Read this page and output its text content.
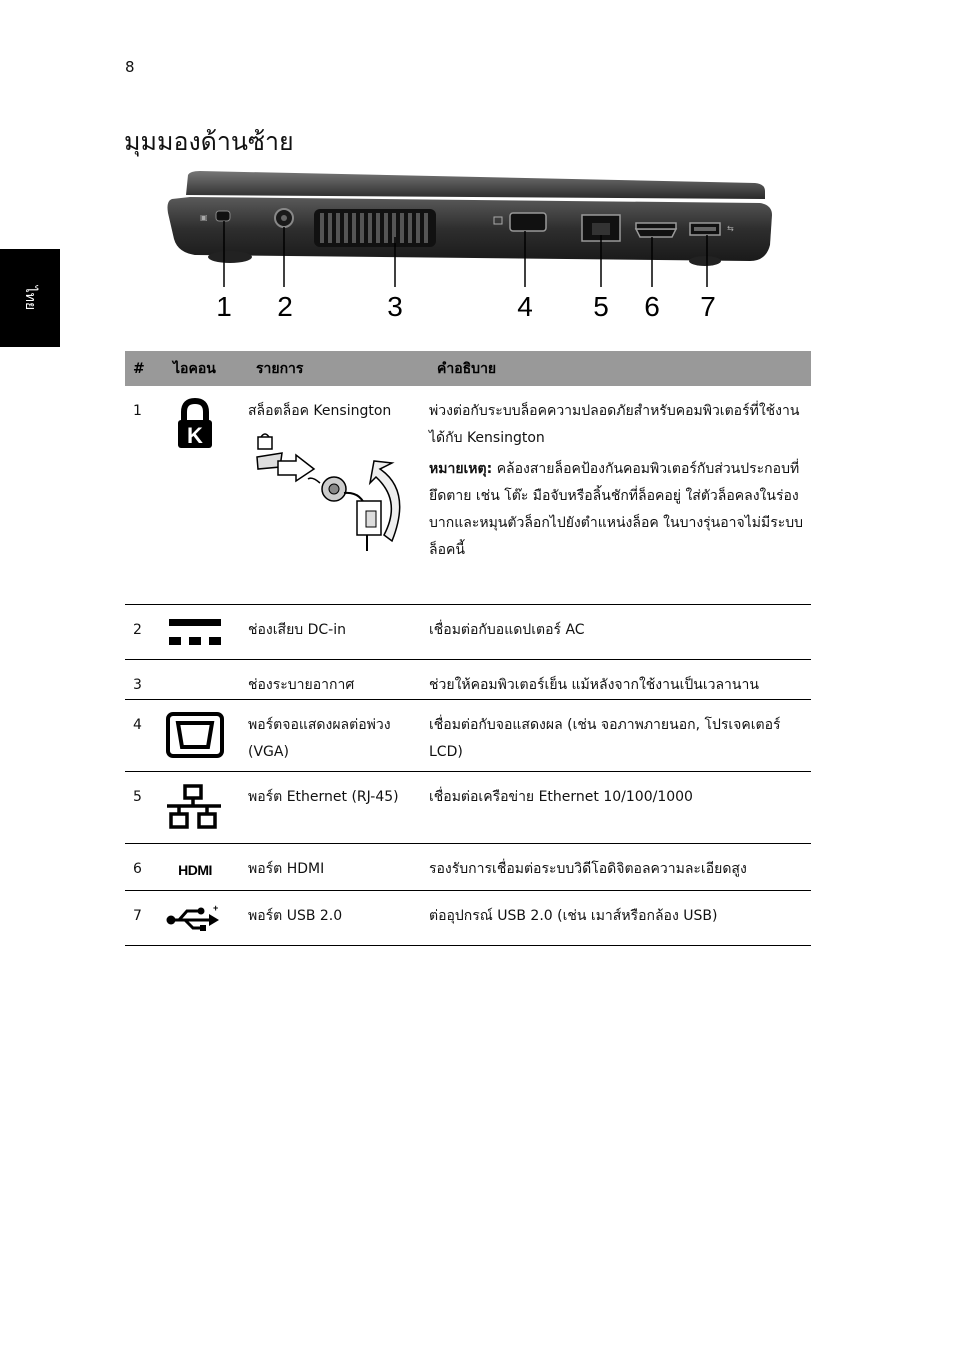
8
ไทย
มุมมองด้านซ้าย
▣
⇆
1 2	3	4 5 6 7
#	ไอคอน	รายการ	คำอธิบาย
1	K	สล็อตล็อค Kensington	พ่วงต่อกับระบบล็อคความปลอดภัยสำหรับคอมพิวเตอร์ที่ใช้งานได้กับ Kensington

หมายเหตุ: คล้องสายล็อคป้องกันคอมพิวเตอร์กับส่วนประกอบที่ยึดตาย เช่น โต๊ะ มือจับหรือลิ้นชักที่ล็อคอยู่ ใส่ตัวล็อคลงในร่องบากและหมุนตัวล็อกไปยังตำแหน่งล็อค ในบางรุ่นอาจไม่มีระบบล็อคนี้

2		ช่องเสียบ DC-in	เชื่อมต่อกับอแดปเตอร์ AC
3		ช่องระบายอากาศ	ช่วยให้คอมพิวเตอร์เย็น แม้หลังจากใช้งานเป็นเวลานาน
4		พอร์ตจอแสดงผลต่อพ่วง (VGA)	เชื่อมต่อกับจอแสดงผล (เช่น จอภาพภายนอก, โปรเจคเตอร์ LCD)
5		พอร์ต Ethernet (RJ-45)	เชื่อมต่อเครือข่าย Ethernet 10/100/1000
6	HDMI	พอร์ต HDMI	รองรับการเชื่อมต่อระบบวิดีโอดิจิตอลความละเอียดสูง
7	+	พอร์ต USB 2.0	ต่ออุปกรณ์ USB 2.0 (เช่น เมาส์หรือกล้อง USB)
